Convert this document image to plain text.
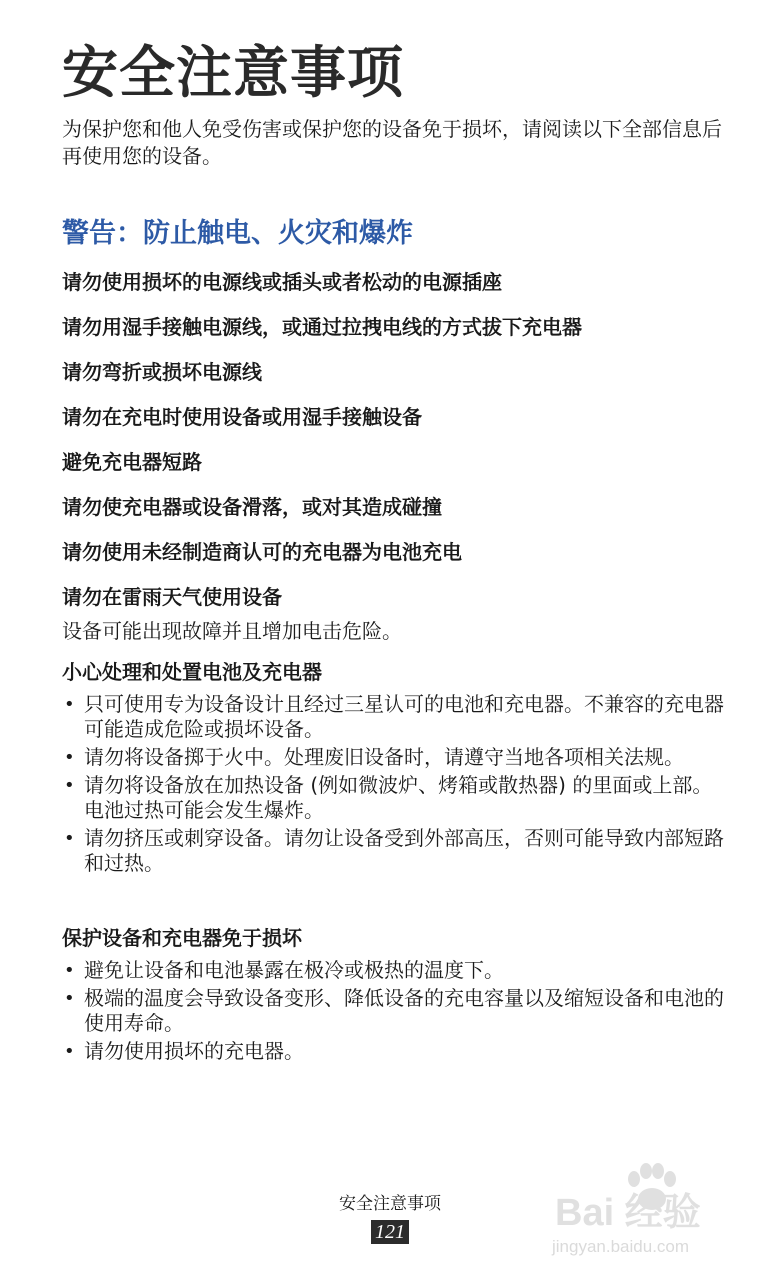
安全注意事项

为保护您和他人免受伤害或保护您的设备免于损坏，请阅读以下全部信息后再使用您的设备。

警告：防止触电、火灾和爆炸

请勿使用损坏的电源线或插头或者松动的电源插座

请勿用湿手接触电源线，或通过拉拽电线的方式拔下充电器

请勿弯折或损坏电源线

请勿在充电时使用设备或用湿手接触设备

避免充电器短路

请勿使充电器或设备滑落，或对其造成碰撞

请勿使用未经制造商认可的充电器为电池充电

请勿在雷雨天气使用设备

设备可能出现故障并且增加电击危险。

小心处理和处置电池及充电器

• 只可使用专为设备设计且经过三星认可的电池和充电器。不兼容的充电器可能造成危险或损坏设备。
• 请勿将设备掷于火中。处理废旧设备时，请遵守当地各项相关法规。
• 请勿将设备放在加热设备 (例如微波炉、烤箱或散热器) 的里面或上部。电池过热可能会发生爆炸。
• 请勿挤压或刺穿设备。请勿让设备受到外部高压，否则可能导致内部短路和过热。

保护设备和充电器免于损坏

• 避免让设备和电池暴露在极冷或极热的温度下。
• 极端的温度会导致设备变形、降低设备的充电容量以及缩短设备和电池的使用寿命。
• 请勿使用损坏的充电器。

安全注意事项

121	Bai 经验
jingyan.baidu.com
